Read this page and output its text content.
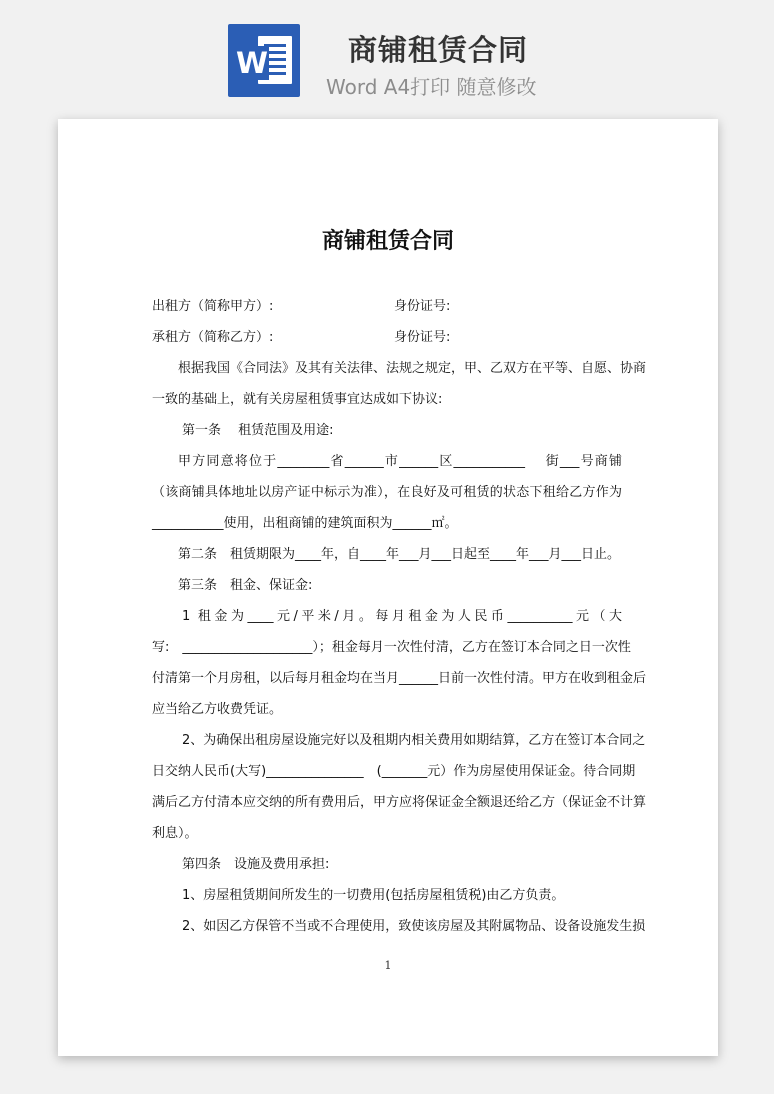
W	商铺租赁合同
Word A4打印 随意修改
商铺租赁合同
出租方（简称甲方）:	身份证号:
承租方（简称乙方）:	身份证号:
根据我国《合同法》及其有关法律、法规之规定，甲、乙双方在平等、自愿、协商
一致的基础上，就有关房屋租赁事宜达成如下协议:
第一条　 租赁范围及用途:
甲方同意将位于________省______市______区___________　 街___号商铺
（该商铺具体地址以房产证中标示为准），在良好及可租赁的状态下租给乙方作为
___________使用，出租商铺的建筑面积为______㎡。
第二条　租赁期限为____年，自____年___月___日起至____年___月___日止。
第三条　租金、保证金:
1 租金为____元/平米/月。每月租金为人民币__________元（大
写:　____________________）；租金每月一次性付清，乙方在签订本合同之日一次性
付清第一个月房租，以后每月租金均在当月______日前一次性付清。甲方在收到租金后
应当给乙方收费凭证。
2、为确保出租房屋设施完好以及租期内相关费用如期结算，乙方在签订本合同之
日交纳人民币(大写)_______________　(_______元）作为房屋使用保证金。待合同期
满后乙方付清本应交纳的所有费用后，甲方应将保证金全额退还给乙方（保证金不计算
利息）。
第四条　设施及费用承担:
1、房屋租赁期间所发生的一切费用(包括房屋租赁税)由乙方负责。
2、如因乙方保管不当或不合理使用，致使该房屋及其附属物品、设备设施发生损
1
